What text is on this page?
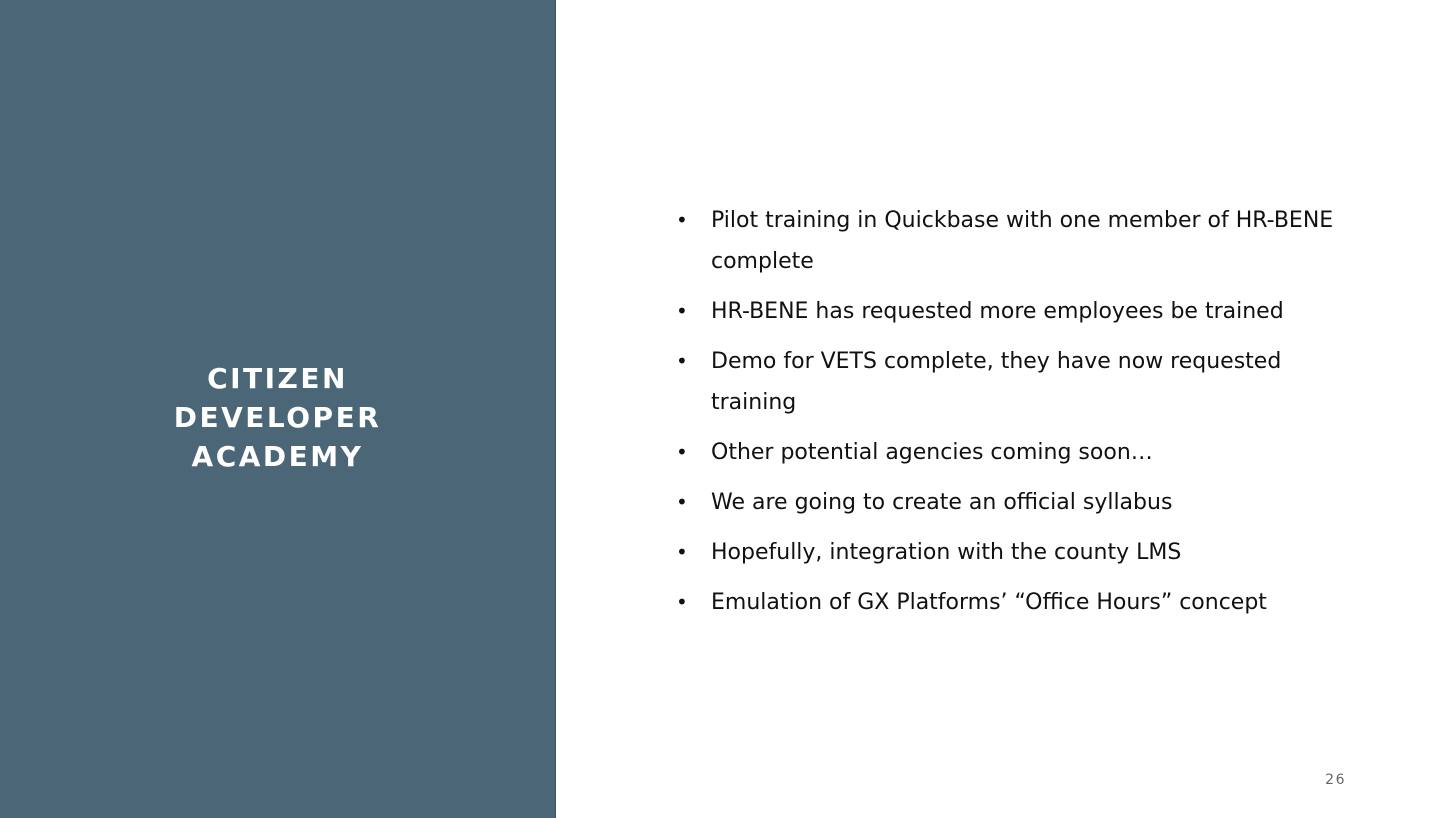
CITIZEN
DEVELOPER
ACADEMY
• Pilot training in Quickbase with one member of HR-BENE complete
• HR-BENE has requested more employees be trained
• Demo for VETS complete, they have now requested training
• Other potential agencies coming soon…
• We are going to create an official syllabus
• Hopefully, integration with the county LMS
• Emulation of GX Platforms’ “Office Hours” concept
26
